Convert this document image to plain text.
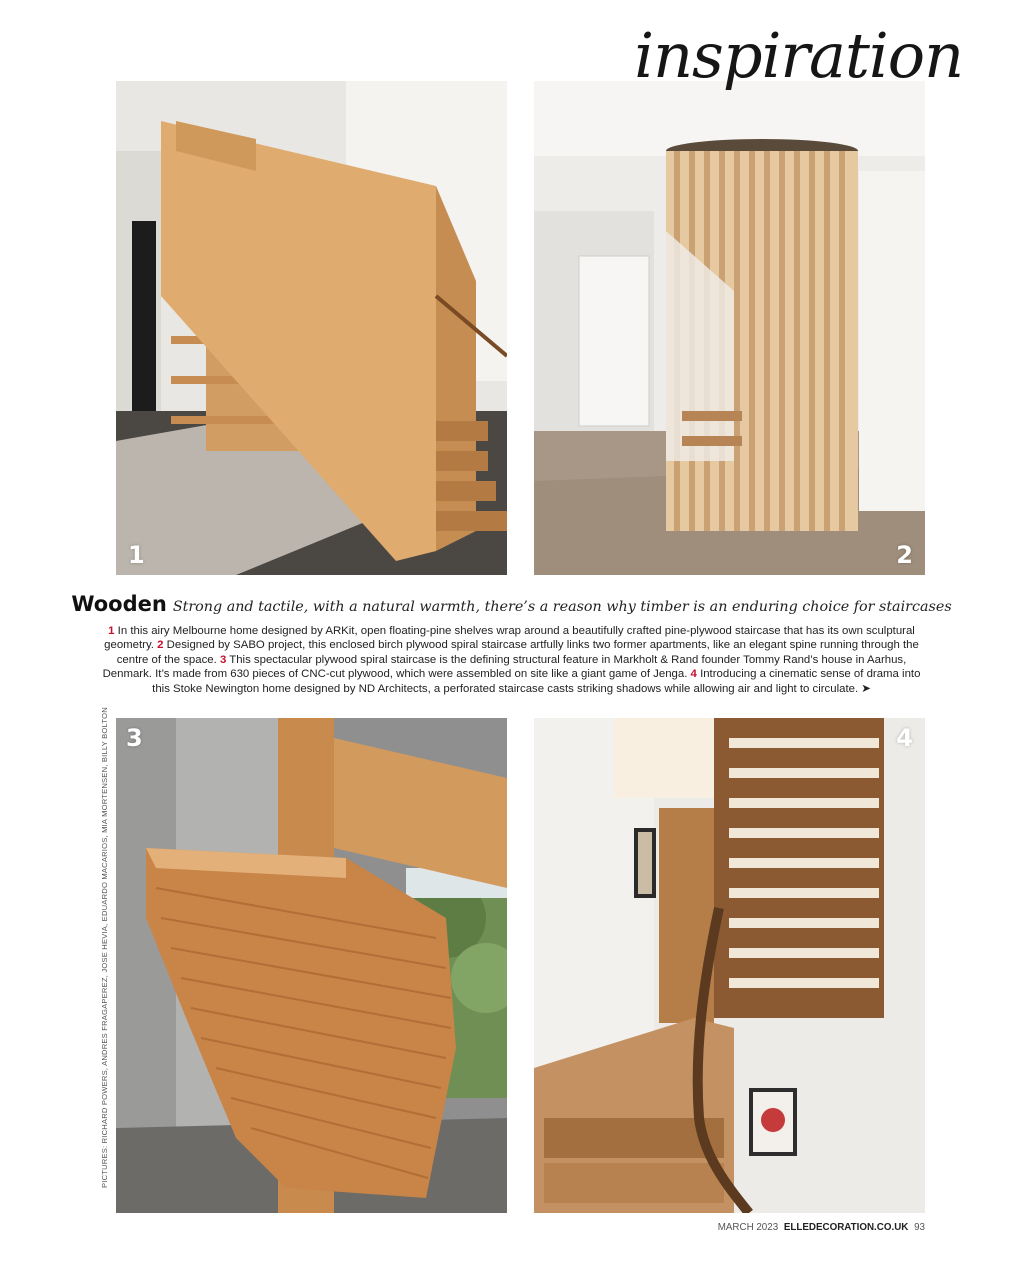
inspiration
1	2
Wooden Strong and tactile, with a natural warmth, there’s a reason why timber is an enduring choice for staircases
1 In this airy Melbourne home designed by ARKit, open floating-pine shelves wrap around a beautifully crafted pine-plywood staircase that has its own sculptural geometry. 2 Designed by SABO project, this enclosed birch plywood spiral staircase artfully links two former apartments, like an elegant spine running through the centre of the space. 3 This spectacular plywood spiral staircase is the defining structural feature in Markholt & Rand founder Tommy Rand’s house in Aarhus, Denmark. It’s made from 630 pieces of CNC-cut plywood, which were assembled on site like a giant game of Jenga. 4 Introducing a cinematic sense of drama into this Stoke Newington home designed by ND Architects, a perforated staircase casts striking shadows while allowing air and light to circulate. ➤
3	4
PICTURES: RICHARD POWERS, ANDRES FRAGAPEREZ, JOSE HEVIA, EDUARDO MACARIOS, MIA MORTENSEN, BILLY BOLTON
MARCH 2023 ELLEDECORATION.CO.UK 93
